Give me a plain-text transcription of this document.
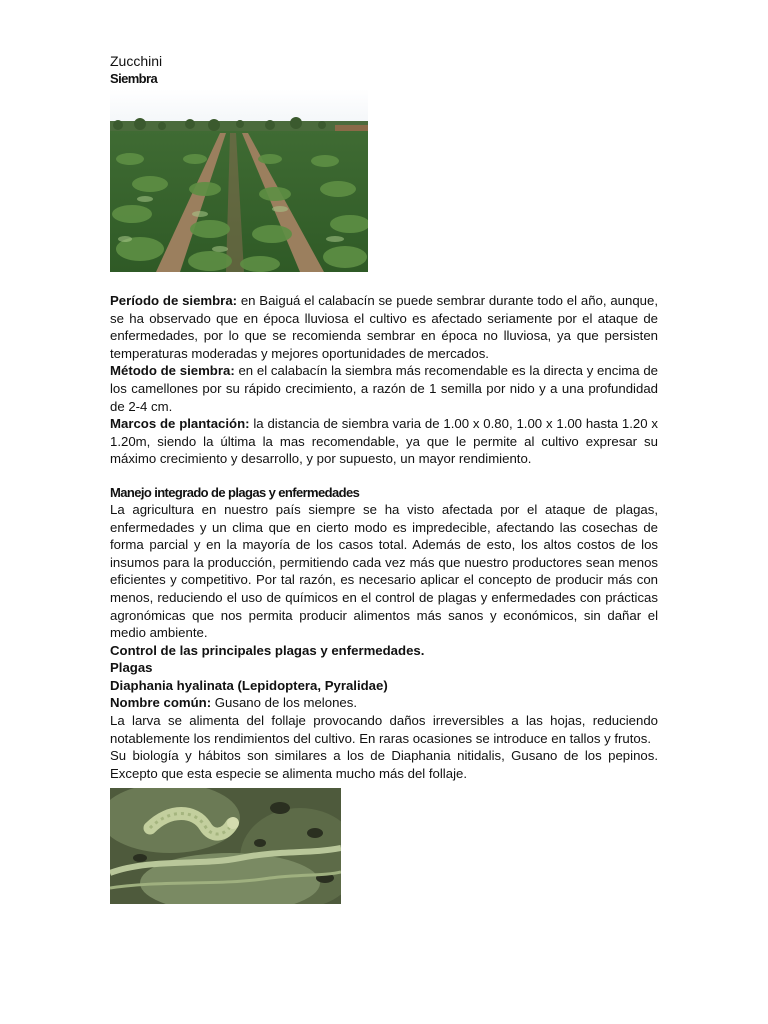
Zucchini

Siembra

Período de siembra: en Baiguá el calabacín se puede sembrar durante todo el año, aunque, se ha observado que en época lluviosa el cultivo es afectado seriamente por el ataque de enfermedades, por lo que se recomienda sembrar en época no lluviosa, ya que persisten temperaturas moderadas y mejores oportunidades de mercados.

Método de siembra: en el calabacín la siembra más recomendable es la directa y encima de los camellones por su rápido crecimiento, a razón de 1 semilla por nido y a una profundidad de 2-4 cm.

Marcos de plantación: la distancia de siembra varia de 1.00 x 0.80, 1.00 x 1.00 hasta 1.20 x 1.20m, siendo la última la mas recomendable, ya que le permite al cultivo expresar su máximo crecimiento y desarrollo, y por supuesto, un mayor rendimiento.

Manejo integrado de plagas y enfermedades

La agricultura en nuestro país siempre se ha visto afectada por el ataque de plagas, enfermedades y un clima que en cierto modo es impredecible, afectando las cosechas de forma parcial y en la mayoría de los casos total. Además de esto, los altos costos de los insumos para la producción, permitiendo cada vez más que nuestro productores sean menos eficientes y competitivo. Por tal razón, es necesario aplicar el concepto de producir más con menos, reduciendo el uso de químicos en el control de plagas y enfermedades con prácticas agronómicas que nos permita producir alimentos más sanos y económicos, sin dañar el medio ambiente.

Control de las principales plagas y enfermedades.

Plagas

Diaphania hyalinata (Lepidoptera, Pyralidae)

Nombre común: Gusano de los melones.

La larva se alimenta del follaje provocando daños irreversibles a las hojas, reduciendo notablemente los rendimientos del cultivo. En raras ocasiones se introduce en tallos y frutos.

Su biología y hábitos son similares a los de Diaphania nitidalis, Gusano de los pepinos. Excepto que esta especie se alimenta mucho más del follaje.
